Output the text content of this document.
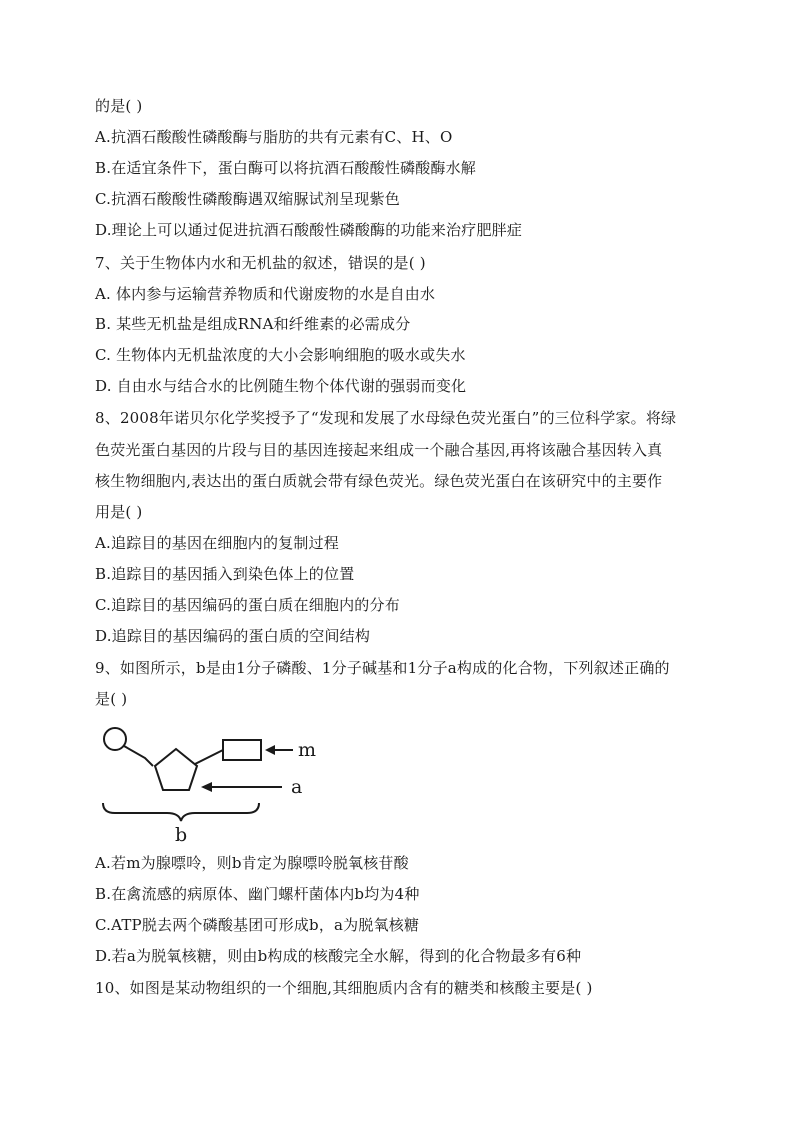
的是( )
A.抗酒石酸酸性磷酸酶与脂肪的共有元素有C、H、O
B.在适宜条件下，蛋白酶可以将抗酒石酸酸性磷酸酶水解
C.抗酒石酸酸性磷酸酶遇双缩脲试剂呈现紫色
D.理论上可以通过促进抗酒石酸酸性磷酸酶的功能来治疗肥胖症
7、关于生物体内水和无机盐的叙述，错误的是( )
A. 体内参与运输营养物质和代谢废物的水是自由水
B. 某些无机盐是组成RNA和纤维素的必需成分
C. 生物体内无机盐浓度的大小会影响细胞的吸水或失水
D. 自由水与结合水的比例随生物个体代谢的强弱而变化
8、2008年诺贝尔化学奖授予了“发现和发展了水母绿色荧光蛋白”的三位科学家。将绿
色荧光蛋白基因的片段与目的基因连接起来组成一个融合基因,再将该融合基因转入真
核生物细胞内,表达出的蛋白质就会带有绿色荧光。绿色荧光蛋白在该研究中的主要作
用是( )
A.追踪目的基因在细胞内的复制过程
B.追踪目的基因插入到染色体上的位置
C.追踪目的基因编码的蛋白质在细胞内的分布
D.追踪目的基因编码的蛋白质的空间结构
9、如图所示，b是由1分子磷酸、1分子碱基和1分子a构成的化合物，下列叙述正确的
是( )
m
a
b
A.若m为腺嘌呤，则b肯定为腺嘌呤脱氧核苷酸
B.在禽流感的病原体、幽门螺杆菌体内b均为4种
C.ATP脱去两个磷酸基团可形成b，a为脱氧核糖
D.若a为脱氧核糖，则由b构成的核酸完全水解，得到的化合物最多有6种
10、如图是某动物组织的一个细胞,其细胞质内含有的糖类和核酸主要是( )
